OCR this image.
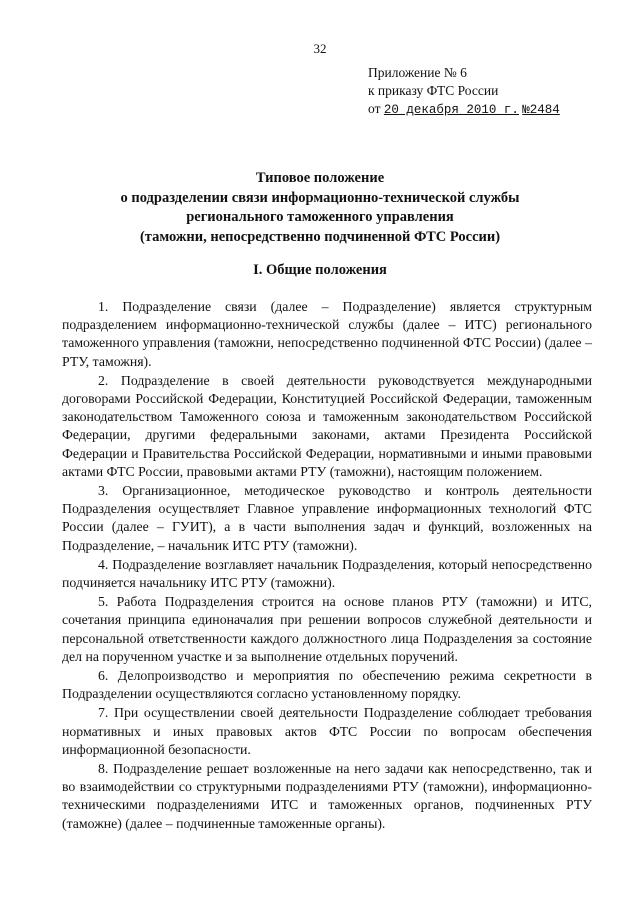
32
Приложение № 6
к приказу ФТС России
от 20 декабря 2010 г. №2484
Типовое положение
о подразделении связи информационно-технической службы
регионального таможенного управления
(таможни, непосредственно подчиненной ФТС России)
I. Общие положения

1. Подразделение связи (далее – Подразделение) является структурным подразделением информационно-технической службы (далее – ИТС) регионального таможенного управления (таможни, непосредственно подчиненной ФТС России) (далее – РТУ, таможня).

2. Подразделение в своей деятельности руководствуется международными договорами Российской Федерации, Конституцией Российской Федерации, таможенным законодательством Таможенного союза и таможенным законодательством Российской Федерации, другими федеральными законами, актами Президента Российской Федерации и Правительства Российской Федерации, нормативными и иными правовыми актами ФТС России, правовыми актами РТУ (таможни), настоящим положением.

3. Организационное, методическое руководство и контроль деятельности Подразделения осуществляет Главное управление информационных технологий ФТС России (далее – ГУИТ), а в части выполнения задач и функций, возложенных на Подразделение, – начальник ИТС РТУ (таможни).

4. Подразделение возглавляет начальник Подразделения, который непосредственно подчиняется начальнику ИТС РТУ (таможни).

5. Работа Подразделения строится на основе планов РТУ (таможни) и ИТС, сочетания принципа единоначалия при решении вопросов служебной деятельности и персональной ответственности каждого должностного лица Подразделения за состояние дел на порученном участке и за выполнение отдельных поручений.

6. Делопроизводство и мероприятия по обеспечению режима секретности в Подразделении осуществляются согласно установленному порядку.

7. При осуществлении своей деятельности Подразделение соблюдает требования нормативных и иных правовых актов ФТС России по вопросам обеспечения информационной безопасности.

8. Подразделение решает возложенные на него задачи как непосредственно, так и во взаимодействии со структурными подразделениями РТУ (таможни), информационно-техническими подразделениями ИТС и таможенных органов, подчиненных РТУ (таможне) (далее – подчиненные таможенные органы).
